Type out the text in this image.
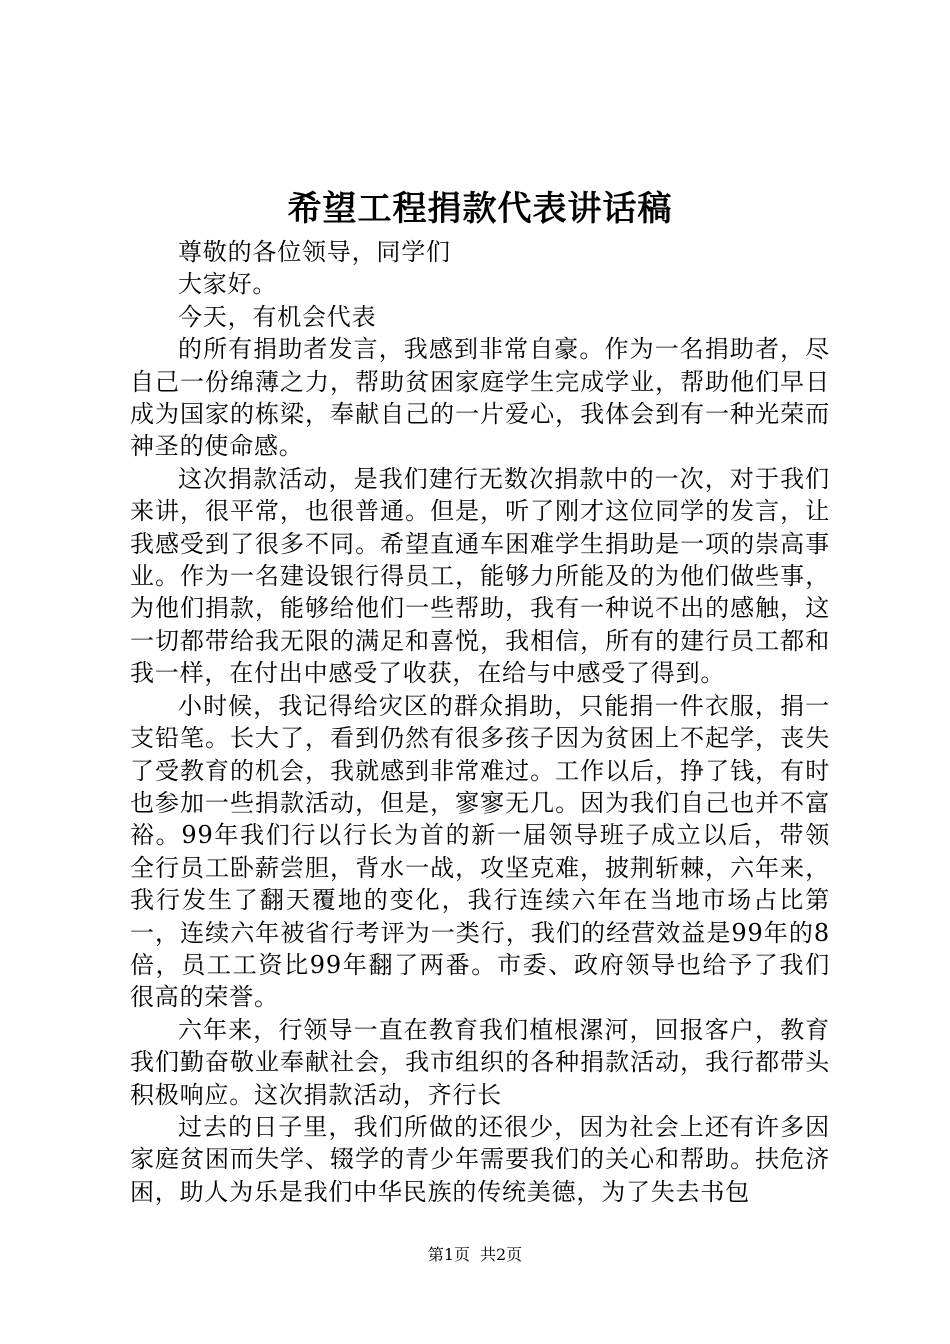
希望工程捐款代表讲话稿

尊敬的各位领导，同学们

大家好。

今天，有机会代表

的所有捐助者发言，我感到非常自豪。作为一名捐助者，尽自己一份绵薄之力，帮助贫困家庭学生完成学业，帮助他们早日成为国家的栋梁，奉献自己的一片爱心，我体会到有一种光荣而神圣的使命感。

这次捐款活动，是我们建行无数次捐款中的一次，对于我们来讲，很平常，也很普通。但是，听了刚才这位同学的发言，让我感受到了很多不同。希望直通车困难学生捐助是一项的崇高事业。作为一名建设银行得员工，能够力所能及的为他们做些事，为他们捐款，能够给他们一些帮助，我有一种说不出的感触，这一切都带给我无限的满足和喜悦，我相信，所有的建行员工都和我一样，在付出中感受了收获，在给与中感受了得到。

小时候，我记得给灾区的群众捐助，只能捐一件衣服，捐一支铅笔。长大了，看到仍然有很多孩子因为贫困上不起学，丧失了受教育的机会，我就感到非常难过。工作以后，挣了钱，有时也参加一些捐款活动，但是，寥寥无几。因为我们自己也并不富裕。99年我们行以行长为首的新一届领导班子成立以后，带领全行员工卧薪尝胆，背水一战，攻坚克难，披荆斩棘，六年来，我行发生了翻天覆地的变化，我行连续六年在当地市场占比第一，连续六年被省行考评为一类行，我们的经营效益是99年的8倍，员工工资比99年翻了两番。市委、政府领导也给予了我们很高的荣誉。

六年来，行领导一直在教育我们植根漯河，回报客户，教育我们勤奋敬业奉献社会，我市组织的各种捐款活动，我行都带头积极响应。这次捐款活动，齐行长

过去的日子里，我们所做的还很少，因为社会上还有许多因家庭贫困而失学、辍学的青少年需要我们的关心和帮助。扶危济困，助人为乐是我们中华民族的传统美德，为了失去书包

第1页 共2页
